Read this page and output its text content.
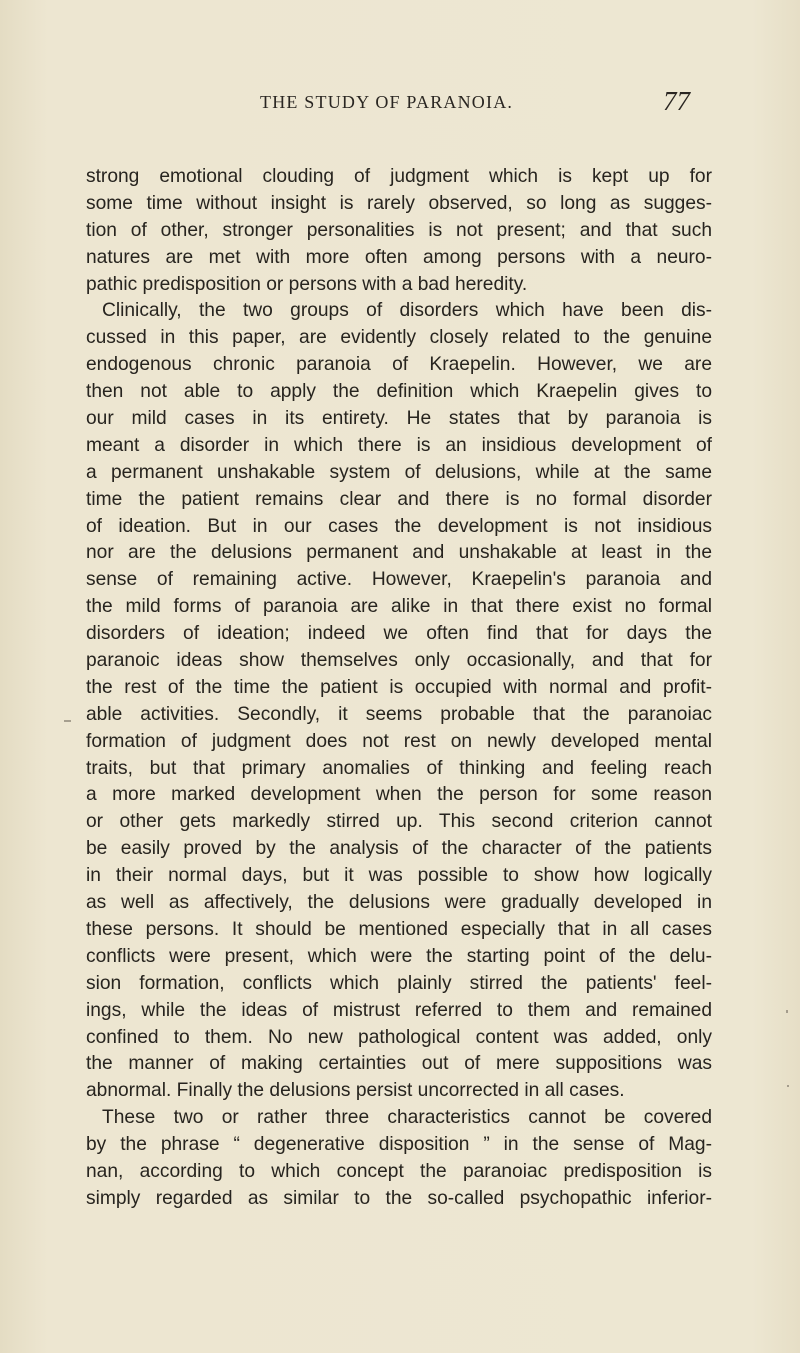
THE STUDY OF PARANOIA.	77
strong emotional clouding of judgment which is kept up for
some time without insight is rarely observed, so long as sugges-
tion of other, stronger personalities is not present; and that such
natures are met with more often among persons with a neuro-
pathic predisposition or persons with a bad heredity.
Clinically, the two groups of disorders which have been dis-
cussed in this paper, are evidently closely related to the genuine
endogenous chronic paranoia of Kraepelin. However, we are
then not able to apply the definition which Kraepelin gives to
our mild cases in its entirety. He states that by paranoia is
meant a disorder in which there is an insidious development of
a permanent unshakable system of delusions, while at the same
time the patient remains clear and there is no formal disorder
of ideation. But in our cases the development is not insidious
nor are the delusions permanent and unshakable at least in the
sense of remaining active. However, Kraepelin's paranoia and
the mild forms of paranoia are alike in that there exist no formal
disorders of ideation; indeed we often find that for days the
paranoic ideas show themselves only occasionally, and that for
the rest of the time the patient is occupied with normal and profit-
able activities. Secondly, it seems probable that the paranoiac
formation of judgment does not rest on newly developed mental
traits, but that primary anomalies of thinking and feeling reach
a more marked development when the person for some reason
or other gets markedly stirred up. This second criterion cannot
be easily proved by the analysis of the character of the patients
in their normal days, but it was possible to show how logically
as well as affectively, the delusions were gradually developed in
these persons. It should be mentioned especially that in all cases
conflicts were present, which were the starting point of the delu-
sion formation, conflicts which plainly stirred the patients' feel-
ings, while the ideas of mistrust referred to them and remained
confined to them. No new pathological content was added, only
the manner of making certainties out of mere suppositions was
abnormal. Finally the delusions persist uncorrected in all cases.
These two or rather three characteristics cannot be covered
by the phrase “ degenerative disposition ” in the sense of Mag-
nan, according to which concept the paranoiac predisposition is
simply regarded as similar to the so-called psychopathic inferior-
